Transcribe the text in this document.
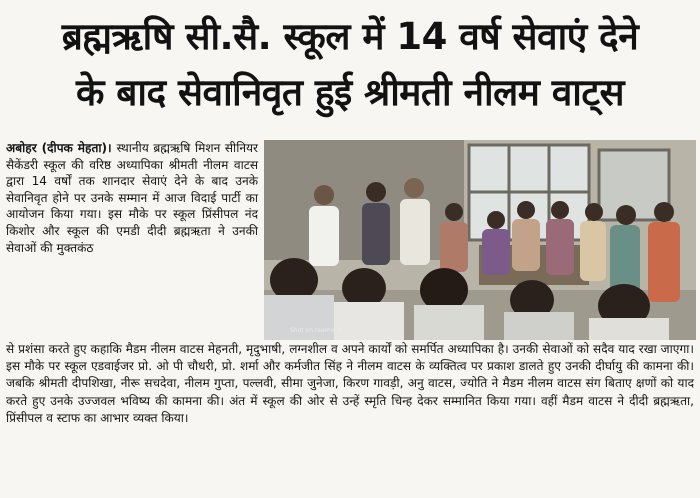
ब्रह्मऋषि सी.सै. स्कूल में 14 वर्ष सेवाएं देने
के बाद सेवानिवृत हुई श्रीमती नीलम वाट्स
अबोहर (दीपक मेहता)। स्थानीय ब्रह्मऋषि मिशन सीनियर सैकेंडरी स्कूल की वरिष्ठ अध्यापिका श्रीमती नीलम वाटस द्वारा 14 वर्षों तक शानदार सेवाएं देने के बाद उनके सेवानिवृत होने पर उनके सम्मान में आज विदाई पार्टी का आयोजन किया गया। इस मौके पर स्कूल प्रिंसीपल नंद किशोर और स्कूल की एमडी दीदी ब्रह्मऋता ने उनकी सेवाओं की मुक्तकंठ
Shot on realme 3
से प्रशंसा करते हुए कहाकि मैडम नीलम वाटस मेहनती, मृदुभाषी, लग्नशील व अपने कार्यों को समर्पित अध्यापिका है। उनकी सेवाओं को सदैव याद रखा जाएगा। इस मौके पर स्कूल एडवाईजर प्रो. ओ पी चौधरी, प्रो. शर्मा और कर्मजीत सिंह ने नीलम वाटस के व्यक्तित्व पर प्रकाश डालते हुए उनकी दीर्घायु की कामना की। जबकि श्रीमती दीपशिखा, नीरू सचदेवा, नीलम गुप्ता, पल्लवी, सीमा जुनेजा, किरण गावड़ी, अनु वाटस, ज्योति ने मैडम नीलम वाटस संग बिताए क्षणों को याद करते हुए उनके उज्जवल भविष्य की कामना की। अंत में स्कूल की ओर से उन्हें स्मृति चिन्ह देकर सम्मानित किया गया। वहीं मैडम वाटस ने दीदी ब्रह्मऋता, प्रिंसीपल व स्टाफ का आभार व्यक्त किया।
